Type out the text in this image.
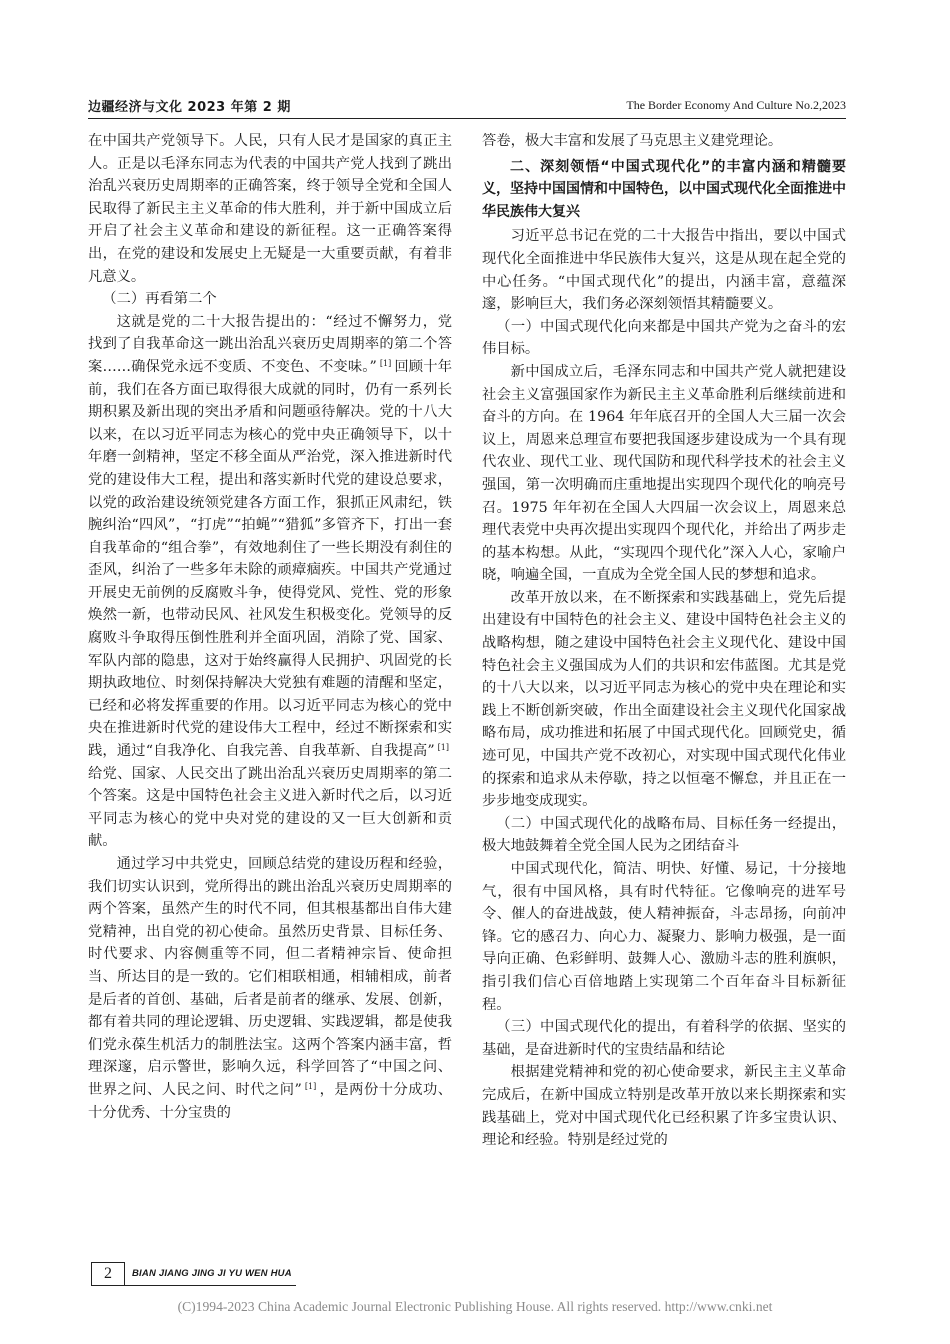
边疆经济与文化 2023 年第 2 期	The Border Economy And Culture No.2,2023

在中国共产党领导下。人民，只有人民才是国家的真正主人。正是以毛泽东同志为代表的中国共产党人找到了跳出治乱兴衰历史周期率的正确答案，终于领导全党和全国人民取得了新民主主义革命的伟大胜利，并于新中国成立后开启了社会主义革命和建设的新征程。这一正确答案得出，在党的建设和发展史上无疑是一大重要贡献，有着非凡意义。

（二）再看第二个

这就是党的二十大报告提出的：“经过不懈努力，党找到了自我革命这一跳出治乱兴衰历史周期率的第二个答案……确保党永远不变质、不变色、不变味。” [1] 回顾十年前，我们在各方面已取得很大成就的同时，仍有一系列长期积累及新出现的突出矛盾和问题亟待解决。党的十八大以来，在以习近平同志为核心的党中央正确领导下，以十年磨一剑精神，坚定不移全面从严治党，深入推进新时代党的建设伟大工程，提出和落实新时代党的建设总要求，以党的政治建设统领党建各方面工作，狠抓正风肃纪，铁腕纠治“四风”，“打虎”“拍蝇”“猎狐”多管齐下，打出一套自我革命的“组合拳”，有效地刹住了一些长期没有刹住的歪风，纠治了一些多年未除的顽瘴痼疾。中国共产党通过开展史无前例的反腐败斗争，使得党风、党性、党的形象焕然一新，也带动民风、社风发生积极变化。党领导的反腐败斗争取得压倒性胜利并全面巩固，消除了党、国家、军队内部的隐患，这对于始终赢得人民拥护、巩固党的长期执政地位、时刻保持解决大党独有难题的清醒和坚定，已经和必将发挥重要的作用。以习近平同志为核心的党中央在推进新时代党的建设伟大工程中，经过不断探索和实践，通过“自我净化、自我完善、自我革新、自我提高” [1]给党、国家、人民交出了跳出治乱兴衰历史周期率的第二个答案。这是中国特色社会主义进入新时代之后，以习近平同志为核心的党中央对党的建设的又一巨大创新和贡献。

通过学习中共党史，回顾总结党的建设历程和经验，我们切实认识到，党所得出的跳出治乱兴衰历史周期率的两个答案，虽然产生的时代不同，但其根基都出自伟大建党精神，出自党的初心使命。虽然历史背景、目标任务、时代要求、内容侧重等不同，但二者精神宗旨、使命担当、所达目的是一致的。它们相联相通，相辅相成，前者是后者的首创、基础，后者是前者的继承、发展、创新，都有着共同的理论逻辑、历史逻辑、实践逻辑，都是使我们党永葆生机活力的制胜法宝。这两个答案内涵丰富，哲理深邃，启示警世，影响久远，科学回答了“中国之问、世界之问、人民之问、时代之问” [1] ，是两份十分成功、十分优秀、十分宝贵的

答卷，极大丰富和发展了马克思主义建党理论。

二、深刻领悟“中国式现代化”的丰富内涵和精髓要义，坚持中国国情和中国特色，以中国式现代化全面推进中华民族伟大复兴

习近平总书记在党的二十大报告中指出，要以中国式现代化全面推进中华民族伟大复兴，这是从现在起全党的中心任务。“中国式现代化”的提出，内涵丰富，意蕴深邃，影响巨大，我们务必深刻领悟其精髓要义。

（一）中国式现代化向来都是中国共产党为之奋斗的宏伟目标。

新中国成立后，毛泽东同志和中国共产党人就把建设社会主义富强国家作为新民主主义革命胜利后继续前进和奋斗的方向。在 1964 年年底召开的全国人大三届一次会议上，周恩来总理宣布要把我国逐步建设成为一个具有现代农业、现代工业、现代国防和现代科学技术的社会主义强国，第一次明确而庄重地提出实现四个现代化的响亮号召。1975 年年初在全国人大四届一次会议上，周恩来总理代表党中央再次提出实现四个现代化，并给出了两步走的基本构想。从此，“实现四个现代化”深入人心，家喻户晓，响遍全国，一直成为全党全国人民的梦想和追求。

改革开放以来，在不断探索和实践基础上，党先后提出建设有中国特色的社会主义、建设中国特色社会主义的战略构想，随之建设中国特色社会主义现代化、建设中国特色社会主义强国成为人们的共识和宏伟蓝图。尤其是党的十八大以来，以习近平同志为核心的党中央在理论和实践上不断创新突破，作出全面建设社会主义现代化国家战略布局，成功推进和拓展了中国式现代化。回顾党史，循迹可见，中国共产党不改初心，对实现中国式现代化伟业的探索和追求从未停歇，持之以恒毫不懈怠，并且正在一步步地变成现实。

（二）中国式现代化的战略布局、目标任务一经提出，极大地鼓舞着全党全国人民为之团结奋斗

中国式现代化，简洁、明快、好懂、易记，十分接地气，很有中国风格，具有时代特征。它像响亮的进军号令、催人的奋进战鼓，使人精神振奋，斗志昂扬，向前冲锋。它的感召力、向心力、凝聚力、影响力极强，是一面导向正确、色彩鲜明、鼓舞人心、激励斗志的胜利旗帜，指引我们信心百倍地踏上实现第二个百年奋斗目标新征程。

（三）中国式现代化的提出，有着科学的依据、坚实的基础，是奋进新时代的宝贵结晶和结论

根据建党精神和党的初心使命要求，新民主主义革命完成后，在新中国成立特别是改革开放以来长期探索和实践基础上，党对中国式现代化已经积累了许多宝贵认识、理论和经验。特别是经过党的

2	BIAN JIANG JING JI YU WEN HUA
(C)1994-2023 China Academic Journal Electronic Publishing House. All rights reserved. http://www.cnki.net
